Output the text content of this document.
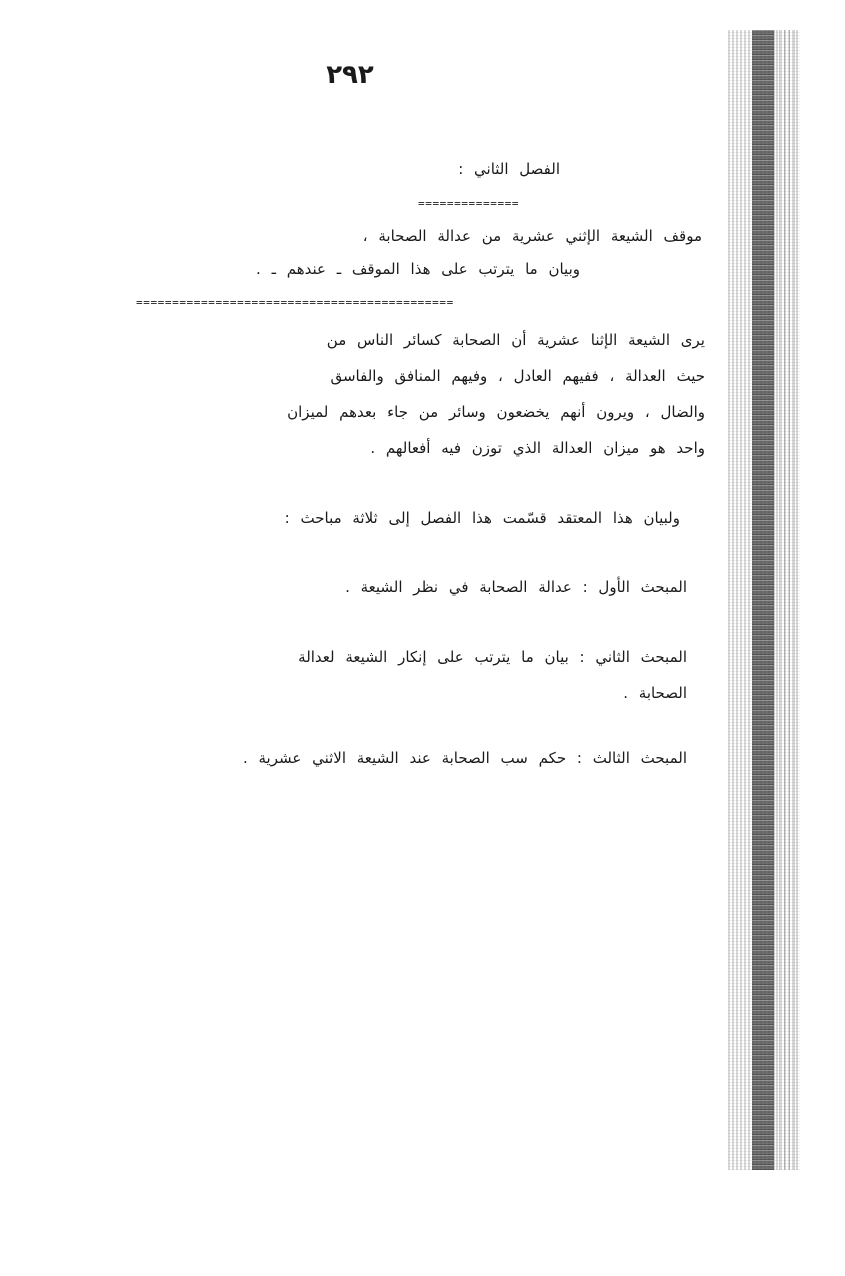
٢٩٢
الفصل الثاني :
==============
موقف الشيعة الإثني عشرية من عدالة الصحابة ،
وبيان ما يترتب على هذا الموقف ـ عندهم ـ .
============================================
يرى الشيعة الإثنا عشرية أن الصحابة كسائر الناس من
حيث العدالة ، ففيهم العادل ، وفيهم المنافق والفاسق
والضال ، ويرون أنهم يخضعون وسائر من جاء بعدهم لميزان
واحد هو ميزان العدالة الذي توزن فيه أفعالهم .
ولبيان هذا المعتقد قسّمت هذا الفصل إلى ثلاثة مباحث :
المبحث الأول : عدالة الصحابة في نظر الشيعة .
المبحث الثاني : بيان ما يترتب على إنكار الشيعة لعدالة
الصحابة .
المبحث الثالث : حكم سب الصحابة عند الشيعة الاثني عشرية .
